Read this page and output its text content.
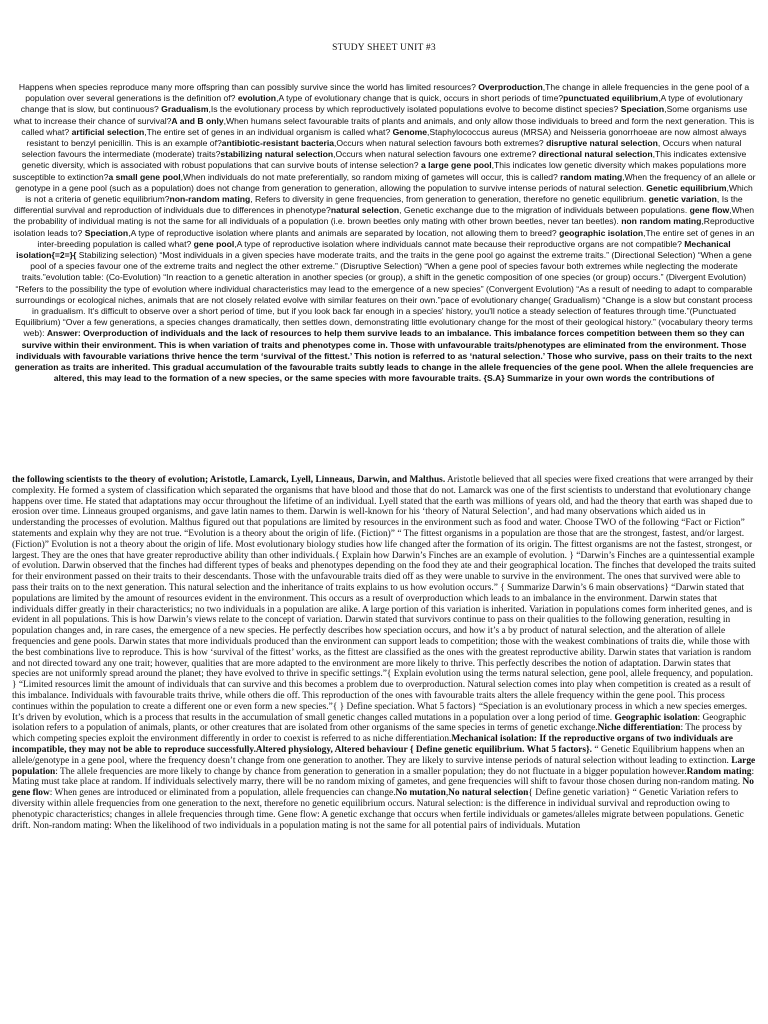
STUDY SHEET UNIT #3

Happens when species reproduce many more offspring than can possibly survive since the world has limited resources? Overproduction,The change in allele frequencies in the gene pool of a population over several generations is the definition of? evolution,A type of evolutionary change that is quick, occurs in short periods of time?punctuated equilibrium,A type of evolutionary change that is slow, but continuous? Gradualism,Is the evolutionary process by which reproductively isolated populations evolve to become distinct species? Speciation,Some organisms use what to increase their chance of survival?A and B only,When humans select favourable traits of plants and animals, and only allow those individuals to breed and form the next generation. This is called what? artificial selection,The entire set of genes in an individual organism is called what? Genome,Staphylococcus aureus (MRSA) and Neisseria gonorrhoeae are now almost always resistant to benzyl penicillin. This is an example of?antibiotic-resistant bacteria,Occurs when natural selection favours both extremes? disruptive natural selection, Occurs when natural selection favours the intermediate (moderate) traits?stabilizing natural selection,Occurs when natural selection favours one extreme? directional natural selection,This indicates extensive genetic diversity, which is associated with robust populations that can survive bouts of intense selection? a large gene pool,This indicates low genetic diversity which makes populations more susceptible to extinction?a small gene pool,When individuals do not mate preferentially, so random mixing of gametes will occur, this is called? random mating,When the frequency of an allele or genotype in a gene pool (such as a population) does not change from generation to generation, allowing the population to survive intense periods of natural selection. Genetic equilibrium,Which is not a criteria of genetic equilibrium?non-random mating, Refers to diversity in gene frequencies, from generation to generation, therefore no genetic equilibrium. genetic variation, Is the differential survival and reproduction of individuals due to differences in phenotype?natural selection, Genetic exchange due to the migration of individuals between populations. gene flow,When the probability of individual mating is not the same for all individuals of a population (i.e. brown beetles only mating with other brown beetles, never tan beetles). non random mating,Reproductive isolation leads to? Speciation,A type of reproductive isolation where plants and animals are separated by location, not allowing them to breed? geographic isolation,The entire set of genes in an inter-breeding population is called what? gene pool,A type of reproductive isolation where individuals cannot mate because their reproductive organs are not compatible? Mechanical isolation{=2=}{ Stabilizing selection) “Most individuals in a given species have moderate traits, and the traits in the gene pool go against the extreme traits.” (Directional Selection) “When a gene pool of a species favour one of the extreme traits and neglect the other extreme.” (Disruptive Selection) “When a gene pool of species favour both extremes while neglecting the moderate traits.”evolution table: (Co-Evolution) “In reaction to a genetic alteration in another species (or group), a shift in the genetic composition of one species (or group) occurs.” (Divergent Evolution) “Refers to the possibility the type of evolution where individual characteristics may lead to the emergence of a new species” (Convergent Evolution) “As a result of needing to adapt to comparable surroundings or ecological niches, animals that are not closely related evolve with similar features on their own.”pace of evolutionary change( Gradualism) “Change is a slow but constant process in gradualism. It's difficult to observe over a short period of time, but if you look back far enough in a species' history, you'll notice a steady selection of features through time.”(Punctuated Equilibrium) “Over a few generations, a species changes dramatically, then settles down, demonstrating little evolutionary change for the most of their geological history.” (vocabulary theory terms web): Answer: Overproduction of individuals and the lack of resources to help them survive leads to an imbalance. This imbalance forces competition between them so they can survive within their environment. This is when variation of traits and phenotypes come in. Those with unfavourable traits/phenotypes are eliminated from the environment. Those individuals with favourable variations thrive hence the term ‘survival of the fittest.’ This notion is referred to as ‘natural selection.’ Those who survive, pass on their traits to the next generation as traits are inherited. This gradual accumulation of the favourable traits subtly leads to change in the allele frequencies of the gene pool. When the allele frequencies are altered, this may lead to the formation of a new species, or the same species with more favourable traits. {S.A} Summarize in your own words the contributions of

the following scientists to the theory of evolution; Aristotle, Lamarck, Lyell, Linneaus, Darwin, and Malthus. Aristotle believed that all species were fixed creations that were arranged by their complexity. He formed a system of classification which separated the organisms that have blood and those that do not. Lamarck was one of the first scientists to understand that evolutionary change happens over time. He stated that adaptations may occur throughout the lifetime of an individual. Lyell stated that the earth was millions of years old, and had the theory that earth was shaped due to erosion over time. Linneaus grouped organisms, and gave latin names to them. Darwin is well-known for his ‘theory of Natural Selection’, and had many observations which aided us in understanding the processes of evolution. Malthus figured out that populations are limited by resources in the environment such as food and water. Choose TWO of the following “Fact or Fiction” statements and explain why they are not true. “Evolution is a theory about the origin of life. (Fiction)” “ The fittest organisms in a population are those that are the strongest, fastest, and/or largest. (Fiction)” Evolution is not a theory about the origin of life. Most evolutionary biology studies how life changed after the formation of its origin. The fittest organisms are not the fastest, strongest, or largest. They are the ones that have greater reproductive ability than other individuals.{ Explain how Darwin’s Finches are an example of evolution. } “Darwin’s Finches are a quintessential example of evolution. Darwin observed that the finches had different types of beaks and phenotypes depending on the food they ate and their geographical location. The finches that developed the traits suited for their environment passed on their traits to their descendants. Those with the unfavourable traits died off as they were unable to survive in the environment. The ones that survived were able to pass their traits on to the next generation. This natural selection and the inheritance of traits explains to us how evolution occurs.” { Summarize Darwin’s 6 main observations} “Darwin stated that populations are limited by the amount of resources evident in the environment. This occurs as a result of overproduction which leads to an imbalance in the environment. Darwin states that individuals differ greatly in their characteristics; no two individuals in a population are alike. A large portion of this variation is inherited. Variation in populations comes form inherited genes, and is evident in all populations. This is how Darwin’s views relate to the concept of variation. Darwin stated that survivors continue to pass on their qualities to the following generation, resulting in population changes and, in rare cases, the emergence of a new species. He perfectly describes how speciation occurs, and how it’s a by product of natural selection, and the alteration of allele frequencies and gene pools. Darwin states that more individuals produced than the environment can support leads to competition; those with the weakest combinations of traits die, while those with the best combinations live to reproduce. This is how ‘survival of the fittest’ works, as the fittest are classified as the ones with the greatest reproductive ability. Darwin states that variation is random and not directed toward any one trait; however, qualities that are more adapted to the environment are more likely to thrive. This perfectly describes the notion of adaptation. Darwin states that species are not uniformly spread around the planet; they have evolved to thrive in specific settings.”{ Explain evolution using the terms natural selection, gene pool, allele frequency, and population. } “Limited resources limit the amount of individuals that can survive and this becomes a problem due to overproduction. Natural selection comes into play when competition is created as a result of this imbalance. Individuals with favourable traits thrive, while others die off. This reproduction of the ones with favourable traits alters the allele frequency within the gene pool. This process continues within the population to create a different one or even form a new species.”{ } Define speciation. What 5 factors} “Speciation is an evolutionary process in which a new species emerges. It’s driven by evolution, which is a process that results in the accumulation of small genetic changes called mutations in a population over a long period of time. Geographic isolation: Geographic isolation refers to a population of animals, plants, or other creatures that are isolated from other organisms of the same species in terms of genetic exchange.Niche differentiation: The process by which competing species exploit the environment differently in order to coexist is referred to as niche differentiation.Mechanical isolation: If the reproductive organs of two individuals are incompatible, they may not be able to reproduce successfully.Altered physiology, Altered behaviour { Define genetic equilibrium. What 5 factors}. “ Genetic Equilibrium happens when an allele/genotype in a gene pool, where the frequency doesn’t change from one generation to another. They are likely to survive intense periods of natural selection without leading to extinction. Large population: The allele frequencies are more likely to change by chance from generation to generation in a smaller population; they do not fluctuate in a bigger population however.Random mating: Mating must take place at random. If individuals selectively marry, there will be no random mixing of gametes, and gene frequencies will shift to favour those chosen during non-random mating. No gene flow: When genes are introduced or eliminated from a population, allele frequencies can change.No mutation,No natural selection{ Define genetic variation} “ Genetic Variation refers to diversity within allele frequencies from one generation to the next, therefore no genetic equilibrium occurs. Natural selection: is the difference in individual survival and reproduction owing to phenotypic characteristics; changes in allele frequencies through time. Gene flow: A genetic exchange that occurs when fertile individuals or gametes/alleles migrate between populations. Genetic drift. Non-random mating: When the likelihood of two individuals in a population mating is not the same for all potential pairs of individuals. Mutation
